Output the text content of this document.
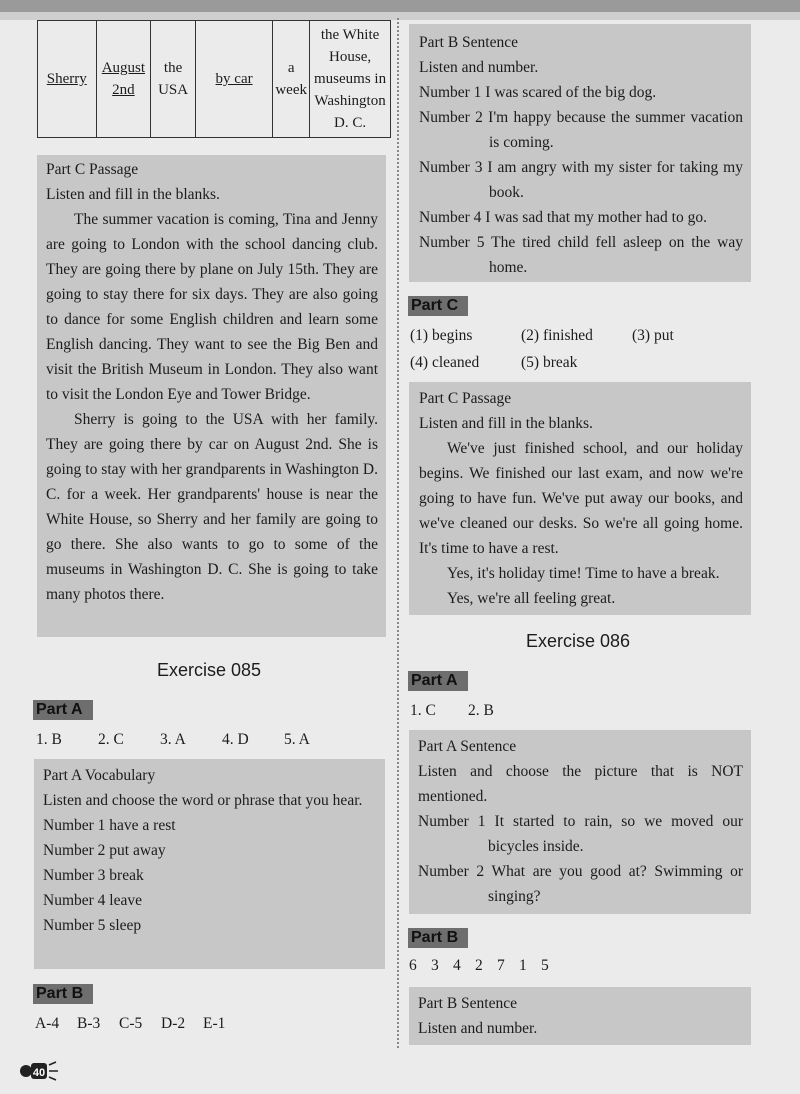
Sherry	August 2nd	the USA	by car	a week	the White House, museums in Washington D. C.

Part C Passage

Listen and fill in the blanks.

The summer vacation is coming, Tina and Jenny are going to London with the school dancing club. They are going there by plane on July 15th. They are going to stay there for six days. They are also going to dance for some English children and learn some English dancing. They want to see the Big Ben and visit the British Museum in London. They also want to visit the London Eye and Tower Bridge.

Sherry is going to the USA with her family. They are going there by car on August 2nd. She is going to stay with her grandparents in Washington D. C. for a week. Her grandparents' house is near the White House, so Sherry and her family are going to go there. She also wants to go to some of the museums in Washington D. C. She is going to take many photos there.

Exercise 085
Part A
1. B 2. C 3. A 4. D 5. A

Part A Vocabulary

Listen and choose the word or phrase that you hear.

Number 1 have a rest

Number 2 put away

Number 3 break

Number 4 leave

Number 5 sleep

Part B
A-4 B-3 C-5 D-2 E-1
40

Part B Sentence

Listen and number.

Number 1 I was scared of the big dog.

Number 2 I'm happy because the summer vacation is coming.

Number 3 I am angry with my sister for taking my book.

Number 4 I was sad that my mother had to go.

Number 5 The tired child fell asleep on the way home.

Part C
(1) begins	(2) finished	(3) put
(4) cleaned	(5) break

Part C Passage

Listen and fill in the blanks.

We've just finished school, and our holiday begins. We finished our last exam, and now we're going to have fun. We've put away our books, and we've cleaned our desks. So we're all going home. It's time to have a rest.

Yes, it's holiday time! Time to have a break.

Yes, we're all feeling great.

Exercise 086
Part A
1. C 2. B

Part A Sentence

Listen and choose the picture that is NOT mentioned.

Number 1 It started to rain, so we moved our bicycles inside.

Number 2 What are you good at? Swimming or singing?

Part B
6 3 4 2 7 1 5

Part B Sentence

Listen and number.
